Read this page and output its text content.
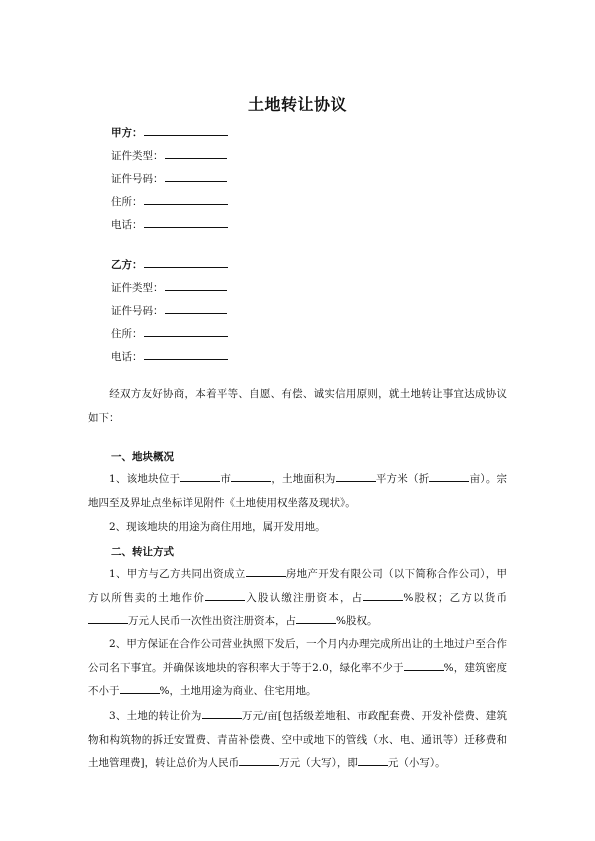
土地转让协议
甲方：
证件类型：
证件号码：
住所：
电话：
乙方：
证件类型：
证件号码：
住所：
电话：
经双方友好协商，本着平等、自愿、有偿、诚实信用原则，就土地转让事宜达成协议如下：
一、地块概况
1、该地块位于	市	，土地面积为	平方米（折	亩）。宗地四至及界址点坐标详见附件《土地使用权坐落及现状》。
2、现该地块的用途为商住用地，属开发用地。
二、转让方式
1、甲方与乙方共同出资成立	房地产开发有限公司（以下简称合作公司），甲方以所售卖的土地作价	入股认缴注册资本，占	%股权；乙方以货币万元人民币一次性出资注册资本，占	%股权。
2、甲方保证在合作公司营业执照下发后，一个月内办理完成所出让的土地过户至合作公司名下事宜。并确保该地块的容积率大于等于2.0，绿化率不少于	%，建筑密度不小于	%，土地用途为商业、住宅用地。
3、土地的转让价为	万元/亩[包括级差地租、市政配套费、开发补偿费、建筑物和构筑物的拆迁安置费、青苗补偿费、空中或地下的管线（水、电、通讯等）迁移费和土地管理费]，转让总价为人民币	万元（大写），即	元（小写）。
